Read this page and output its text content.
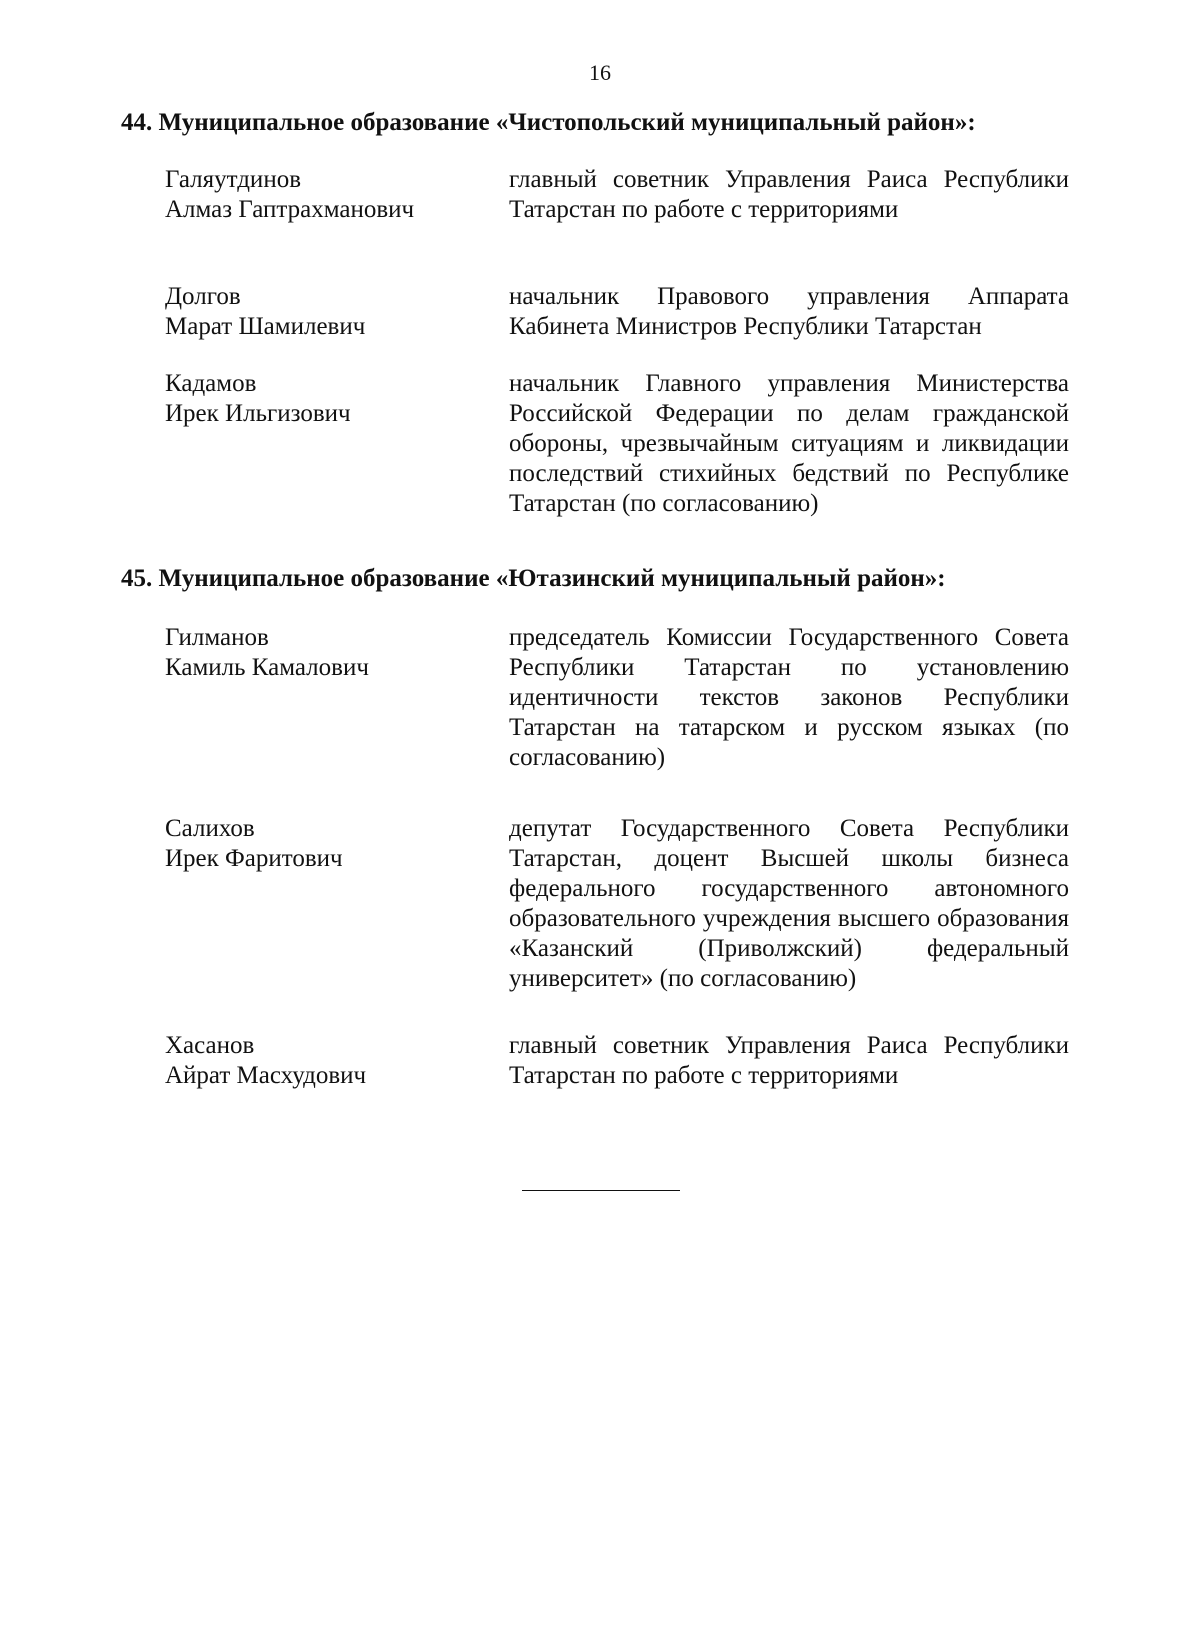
16
44. Муниципальное образование «Чистопольский муниципальный район»:
Галяутдинов
Алмаз Гаптрахманович
главный советник Управления Раиса Республики Татарстан по работе с территориями
Долгов
Марат Шамилевич
начальник Правового управления Аппарата Кабинета Министров Республики Татарстан
Кадамов
Ирек Ильгизович
начальник Главного управления Министерства Российской Федерации по делам гражданской обороны, чрезвычайным ситуациям и ликвидации последствий стихийных бедствий по Республике Татарстан (по согласованию)
45. Муниципальное образование «Ютазинский муниципальный район»:
Гилманов
Камиль Камалович
председатель Комиссии Государственного Совета Республики Татарстан по установлению идентичности текстов законов Республики Татарстан на татарском и русском языках (по согласованию)
Салихов
Ирек Фаритович
депутат Государственного Совета Республики Татарстан, доцент Высшей школы бизнеса федерального государственного автономного образовательного учреждения высшего образования «Казанский (Приволжский) федеральный университет» (по согласованию)
Хасанов
Айрат Масхудович
главный советник Управления Раиса Республики Татарстан по работе с территориями
